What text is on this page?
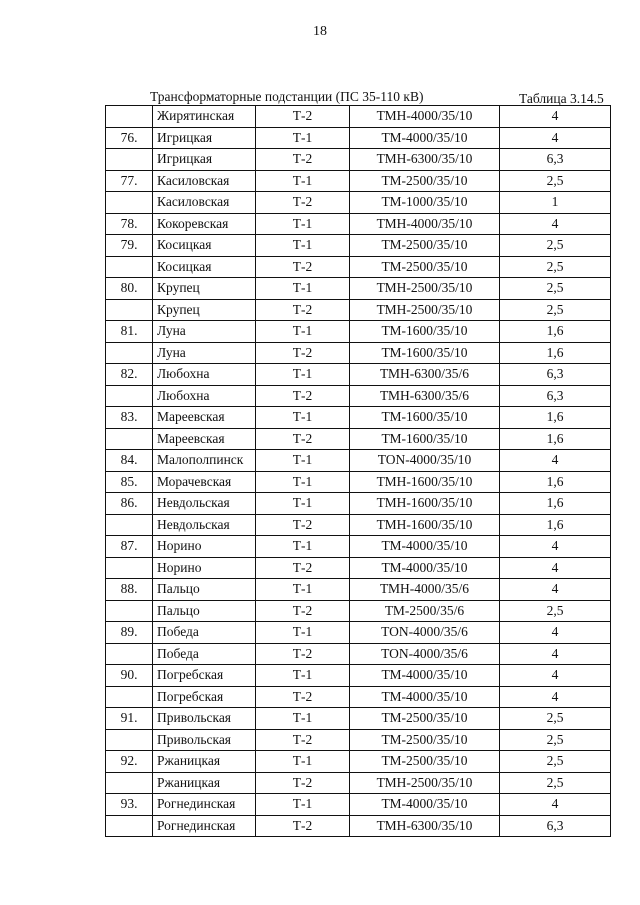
18
Трансформаторные подстанции (ПС 35-110 кВ)	Таблица 3.14.5
	Жирятинская	Т-2	ТМН-4000/35/10	4
76.	Игрицкая	Т-1	ТМ-4000/35/10	4
	Игрицкая	Т-2	ТМН-6300/35/10	6,3
77.	Касиловская	Т-1	ТМ-2500/35/10	2,5
	Касиловская	Т-2	ТМ-1000/35/10	1
78.	Кокоревская	Т-1	ТМН-4000/35/10	4
79.	Косицкая	Т-1	ТМ-2500/35/10	2,5
	Косицкая	Т-2	ТМ-2500/35/10	2,5
80.	Крупец	Т-1	ТМН-2500/35/10	2,5
	Крупец	Т-2	ТМН-2500/35/10	2,5
81.	Луна	Т-1	ТМ-1600/35/10	1,6
	Луна	Т-2	ТМ-1600/35/10	1,6
82.	Любохна	Т-1	ТМН-6300/35/6	6,3
	Любохна	Т-2	ТМН-6300/35/6	6,3
83.	Мареевская	Т-1	ТМ-1600/35/10	1,6
	Мареевская	Т-2	ТМ-1600/35/10	1,6
84.	Малополпинск	Т-1	TON-4000/35/10	4
85.	Морачевская	Т-1	ТМН-1600/35/10	1,6
86.	Невдольская	Т-1	ТМН-1600/35/10	1,6
	Невдольская	Т-2	ТМН-1600/35/10	1,6
87.	Норино	Т-1	ТМ-4000/35/10	4
	Норино	Т-2	ТМ-4000/35/10	4
88.	Пальцо	Т-1	ТМН-4000/35/6	4
	Пальцо	Т-2	ТМ-2500/35/6	2,5
89.	Победа	Т-1	TON-4000/35/6	4
	Победа	Т-2	TON-4000/35/6	4
90.	Погребская	Т-1	ТМ-4000/35/10	4
	Погребская	Т-2	ТМ-4000/35/10	4
91.	Привольская	Т-1	ТМ-2500/35/10	2,5
	Привольская	Т-2	ТМ-2500/35/10	2,5
92.	Ржаницкая	Т-1	ТМ-2500/35/10	2,5
	Ржаницкая	Т-2	ТМН-2500/35/10	2,5
93.	Рогнединская	Т-1	ТМ-4000/35/10	4
	Рогнединская	Т-2	ТМН-6300/35/10	6,3
